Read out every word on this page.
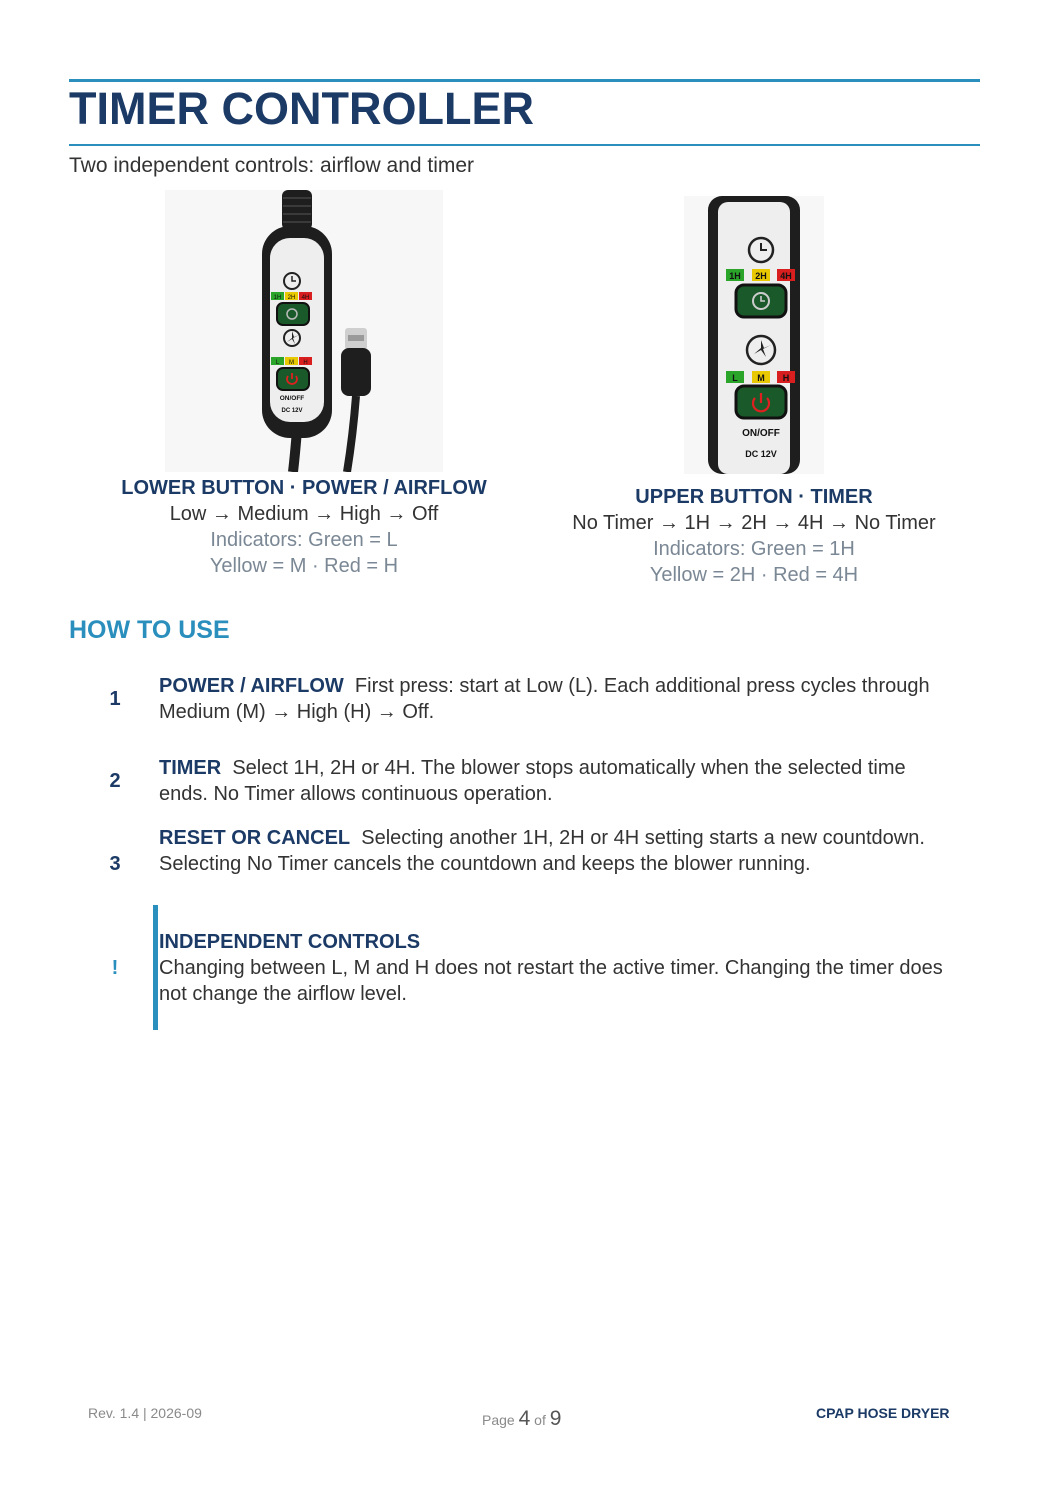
TIMER CONTROLLER
Two independent controls: airflow and timer
1H 2H 4H
L M H
ON/OFF
DC 12V
1H 2H 4H
L M H
ON/OFF
DC 12V
LOWER BUTTON · POWER / AIRFLOW
Low → Medium → High → Off
Indicators: Green = L
Yellow = M · Red = H
UPPER BUTTON · TIMER
No Timer → 1H → 2H → 4H → No Timer
Indicators: Green = 1H
Yellow = 2H · Red = 4H
HOW TO USE
1
POWER / AIRFLOW First press: start at Low (L). Each additional press cycles through Medium (M) → High (H) → Off.
2
TIMER Select 1H, 2H or 4H. The blower stops automatically when the selected time ends. No Timer allows continuous operation.
3
RESET OR CANCEL Selecting another 1H, 2H or 4H setting starts a new countdown. Selecting No Timer cancels the countdown and keeps the blower running.
!
INDEPENDENT CONTROLS
Changing between L, M and H does not restart the active timer. Changing the timer does not change the airflow level.
Rev. 1.4 | 2026-09	Page 4 of 9	CPAP HOSE DRYER
